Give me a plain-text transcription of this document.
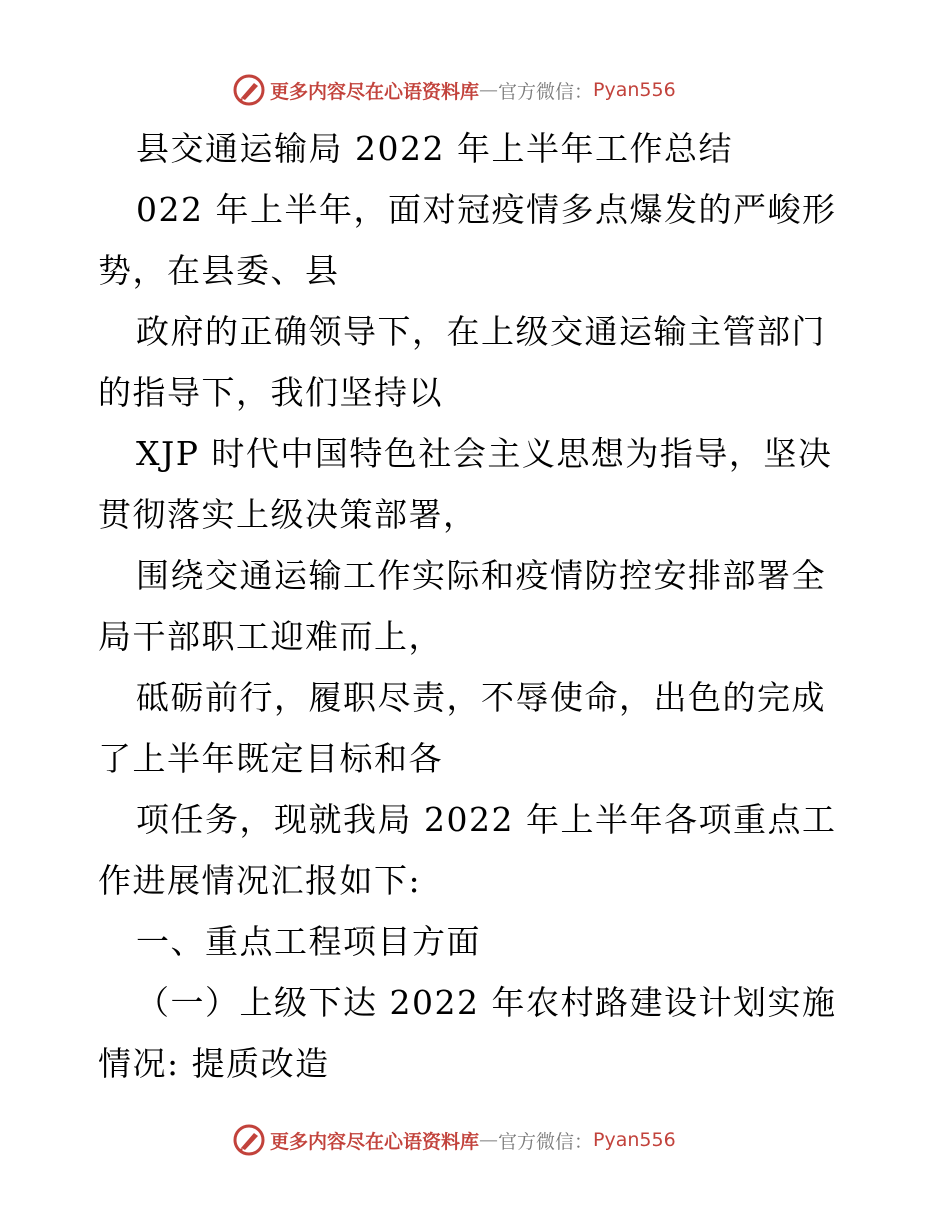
更多内容尽在心语资料库 — 官方微信： Pyan556

县交通运输局 2022 年上半年工作总结

022 年上半年，面对冠疫情多点爆发的严峻形势，在县委、县

政府的正确领导下，在上级交通运输主管部门的指导下，我们坚持以

XJP 时代中国特色社会主义思想为指导，坚决贯彻落实上级决策部署，

围绕交通运输工作实际和疫情防控安排部署全局干部职工迎难而上，

砥砺前行，履职尽责，不辱使命，出色的完成了上半年既定目标和各

项任务，现就我局 2022 年上半年各项重点工作进展情况汇报如下:

一、重点工程项目方面

（一）上级下达 2022 年农村路建设计划实施情况: 提质改造

更多内容尽在心语资料库 — 官方微信： Pyan556
